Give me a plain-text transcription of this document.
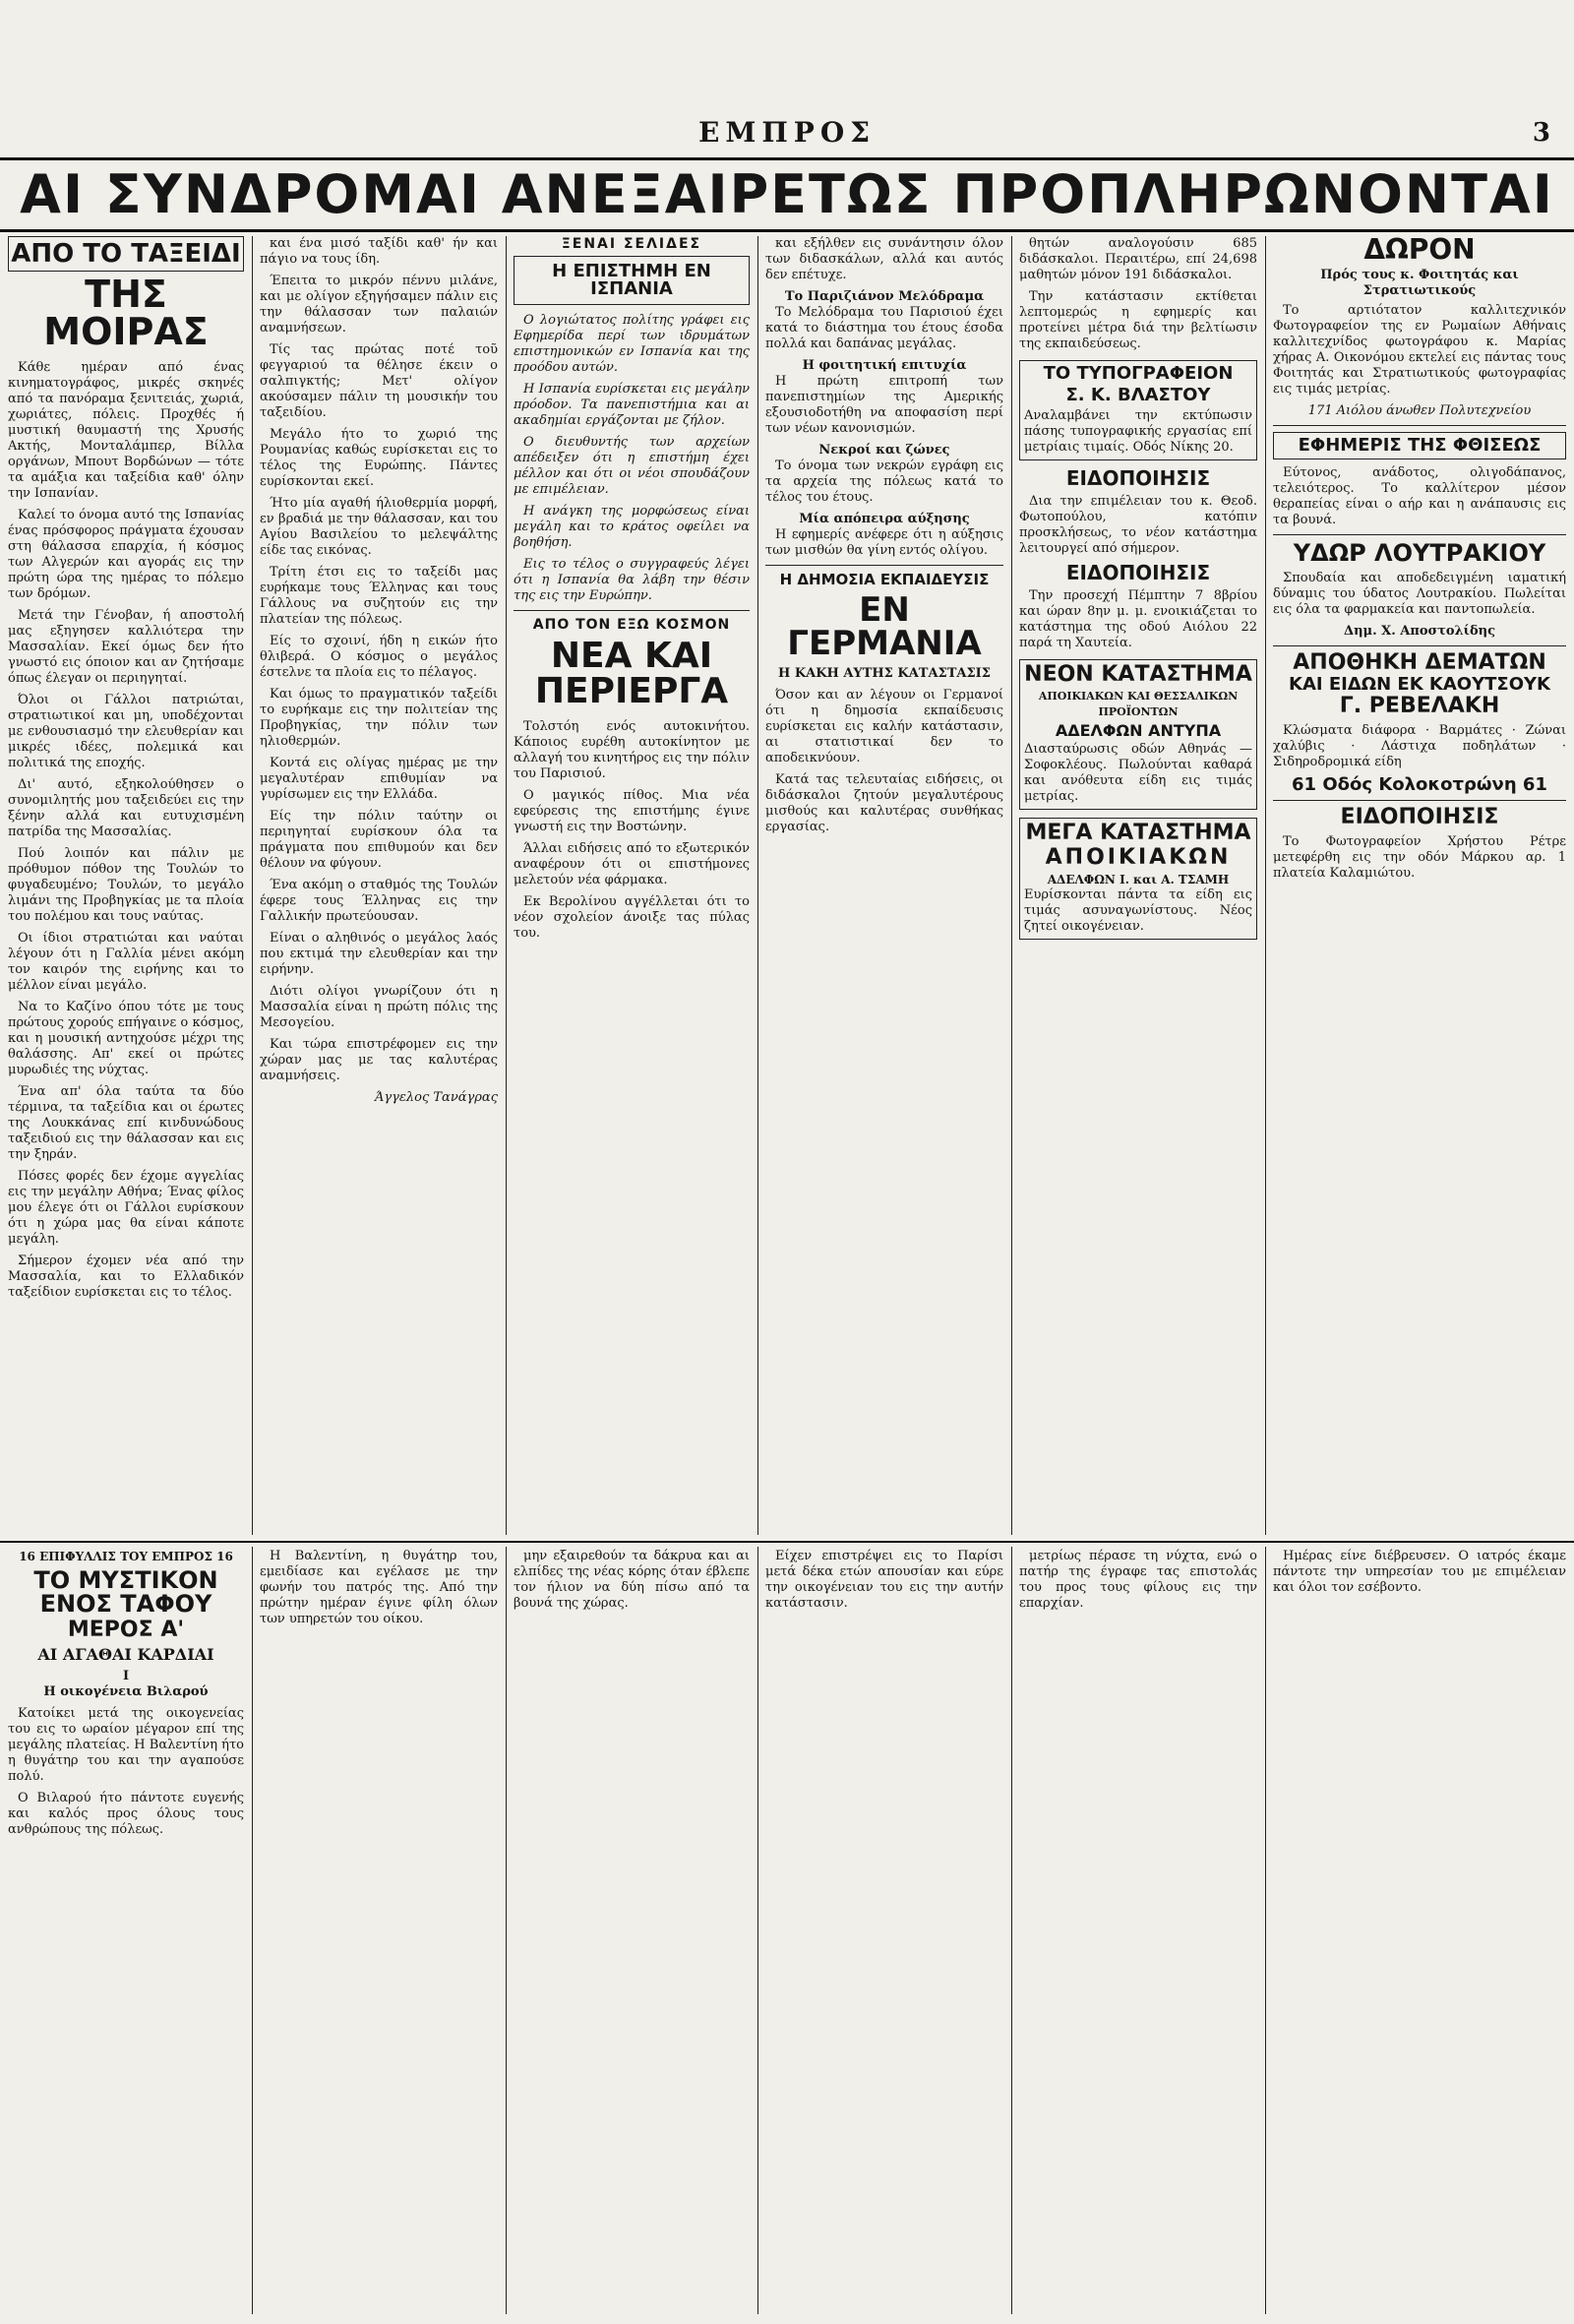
ΕΜΠΡΟΣ	3
ΑΙ ΣΥΝΔΡΟΜΑΙ ΑΝΕΞΑΙΡΕΤΩΣ ΠΡΟΠΛΗΡΩΝΟΝΤΑΙ
ΑΠΟ ΤΟ ΤΑΞΕΙΔΙ
ΤΗΣ ΜΟΙΡΑΣ

Κάθε ημέραν από ένας κινηματογράφος, μικρές σκηνές από τα πανόραμα ξενιτειάς, χωριά, χωριάτες, πόλεις. Προχθές ή μυστική θαυμαστή της Χρυσής Ακτής, Μονταλάμπερ, Βίλλα οργάνων, Μπουτ Βορδώνων — τότε τα αμάξια και ταξείδια καθ' όλην την Ισπανίαν.

Καλεί το όνομα αυτό της Ισπανίας ένας πρόσφορος πράγματα έχουσαν στη θάλασσα επαρχία, ή κόσμος των Αλγερών και αγοράς εις την πρώτη ώρα της ημέρας το πόλεμο των δρόμων.

Μετά την Γένοβαν, ή αποστολή μας εξηγησεν καλλιότερα την Μασσαλίαν. Εκεί όμως δεν ήτο γνωστό εις όποιον και αν ζητήσαμε όπως έλεγαν οι περιηγηταί.

Όλοι οι Γάλλοι πατριώται, στρατιωτικοί και μη, υποδέχονται με ενθουσιασμό την ελευθερίαν και μικρές ιδέες, πολεμικά και πολιτικά της εποχής.

Δι' αυτό, εξηκολούθησεν ο συνομιλητής μου ταξειδεύει εις την ξένην αλλά και ευτυχισμένη πατρίδα της Μασσαλίας.

Πού λοιπόν και πάλιν με πρόθυμον πόθον της Τουλών το φυγαδευμένο; Τουλών, το μεγάλο λιμάνι της Προβηγκίας με τα πλοία του πολέμου και τους ναύτας.

Οι ίδιοι στρατιώται και ναύται λέγουν ότι η Γαλλία μένει ακόμη τον καιρόν της ειρήνης και το μέλλον είναι μεγάλο.

Να το Καζίνο όπου τότε με τους πρώτους χορούς επήγαινε ο κόσμος, και η μουσική αντηχούσε μέχρι της θαλάσσης. Απ' εκεί οι πρώτες μυρωδιές της νύχτας.

Ένα απ' όλα ταύτα τα δύο τέρμινα, τα ταξείδια και οι έρωτες της Λουκκάνας επί κινδυνώδους ταξειδιού εις την θάλασσαν και εις την ξηράν.

Πόσες φορές δεν έχομε αγγελίας εις την μεγάλην Αθήνα; Ένας φίλος μου έλεγε ότι οι Γάλλοι ευρίσκουν ότι η χώρα μας θα είναι κάποτε μεγάλη.

Σήμερον έχομεν νέα από την Μασσαλία, και το Ελλαδικόν ταξείδιον ευρίσκεται εις το τέλος.

και ένα μισό ταξίδι καθ' ήν και πάγιο να τους ίδη.

Έπειτα το μικρόν πέννυ μιλάνε, και με ολίγον εξηγήσαμεν πάλιν εις την θάλασσαν των παλαιών αναμνήσεων.

Τίς τας πρώτας ποτέ τοῦ φεγγαριού τα θέλησε έκειν ο σαλπιγκτής; Μετ' ολίγον ακούσαμεν πάλιν τη μουσικήν του ταξειδίου.

Μεγάλο ήτο το χωριό της Ρουμανίας καθώς ευρίσκεται εις το τέλος της Ευρώπης. Πάντες ευρίσκονται εκεί.

Ήτο μία αγαθή ήλιοθερμία μορφή, εν βραδιά με την θάλασσαν, και του Αγίου Βασιλείου το μελεψάλτης είδε τας εικόνας.

Τρίτη έτσι εις το ταξείδι μας ευρήκαμε τους Έλληνας και τους Γάλλους να συζητούν εις την πλατείαν της πόλεως.

Είς το σχοινί, ήδη η εικών ήτο θλιβερά. Ο κόσμος ο μεγάλος έστελνε τα πλοία εις το πέλαγος.

Και όμως το πραγματικόν ταξείδι το ευρήκαμε εις την πολιτείαν της Προβηγκίας, την πόλιν των ηλιοθερμών.

Κοντά εις ολίγας ημέρας με την μεγαλυτέραν επιθυμίαν να γυρίσωμεν εις την Ελλάδα.

Είς την πόλιν ταύτην οι περιηγηταί ευρίσκουν όλα τα πράγματα που επιθυμούν και δεν θέλουν να φύγουν.

Ένα ακόμη ο σταθμός της Τουλών έφερε τους Έλληνας εις την Γαλλικήν πρωτεύουσαν.

Είναι ο αληθινός ο μεγάλος λαός που εκτιμά την ελευθερίαν και την ειρήνην.

Διότι ολίγοι γνωρίζουν ότι η Μασσαλία είναι η πρώτη πόλις της Μεσογείου.

Και τώρα επιστρέφομεν εις την χώραν μας με τας καλυτέρας αναμνήσεις.

Άγγελος Τανάγρας
ΞΕΝΑΙ ΣΕΛΙΔΕΣ
Η ΕΠΙΣΤΗΜΗ ΕΝ ΙΣΠΑΝΙΑ

Ο λογιώτατος πολίτης γράφει εις Εφημερίδα περί των ιδρυμάτων επιστημονικών εν Ισπανία και της προόδου αυτών.

Η Ισπανία ευρίσκεται εις μεγάλην πρόοδον. Τα πανεπιστήμια και αι ακαδημίαι εργάζονται με ζήλον.

Ο διευθυντής των αρχείων απέδειξεν ότι η επιστήμη έχει μέλλον και ότι οι νέοι σπουδάζουν με επιμέλειαν.

Η ανάγκη της μορφώσεως είναι μεγάλη και το κράτος οφείλει να βοηθήση.

Εις το τέλος ο συγγραφεύς λέγει ότι η Ισπανία θα λάβη την θέσιν της εις την Ευρώπην.

ΑΠΟ ΤΟΝ ΕΞΩ ΚΟΣΜΟΝ
ΝΕΑ ΚΑΙ ΠΕΡΙΕΡΓΑ

Τολστόη ενός αυτοκινήτου. Κάποιος ευρέθη αυτοκίνητον με αλλαγή του κινητήρος εις την πόλιν του Παρισιού.

Ο μαγικός πίθος. Μια νέα εφεύρεσις της επιστήμης έγινε γνωστή εις την Βοστώνην.

Άλλαι ειδήσεις από το εξωτερικόν αναφέρουν ότι οι επιστήμονες μελετούν νέα φάρμακα.

Εκ Βερολίνου αγγέλλεται ότι το νέον σχολείον άνοιξε τας πύλας του.

και εξήλθεν εις συνάντησιν όλον των διδασκάλων, αλλά και αυτός δεν επέτυχε.

Το Παριζιάνον Μελόδραμα

Το Μελόδραμα του Παρισιού έχει κατά το διάστημα του έτους έσοδα πολλά και δαπάνας μεγάλας.

Η φοιτητική επιτυχία

Η πρώτη επιτροπή των πανεπιστημίων της Αμερικής εξουσιοδοτήθη να αποφασίση περί των νέων κανονισμών.

Νεκροί και ζώνες

Το όνομα των νεκρών εγράφη εις τα αρχεία της πόλεως κατά το τέλος του έτους.

Μία απόπειρα αύξησης

Η εφημερίς ανέφερε ότι η αύξησις των μισθών θα γίνη εντός ολίγου.

Η ΔΗΜΟΣΙΑ ΕΚΠΑΙΔΕΥΣΙΣ
ΕΝ ΓΕΡΜΑΝΙΑ
Η ΚΑΚΗ ΑΥΤΗΣ ΚΑΤΑΣΤΑΣΙΣ

Όσον και αν λέγουν οι Γερμανοί ότι η δημοσία εκπαίδευσις ευρίσκεται εις καλήν κατάστασιν, αι στατιστικαί δεν το αποδεικνύουν.

Κατά τας τελευταίας ειδήσεις, οι διδάσκαλοι ζητούν μεγαλυτέρους μισθούς και καλυτέρας συνθήκας εργασίας.

θητών αναλογούσιν 685 διδάσκαλοι. Περαιτέρω, επί 24,698 μαθητών μόνον 191 διδάσκαλοι.

Την κατάστασιν εκτίθεται λεπτομερώς η εφημερίς και προτείνει μέτρα διά την βελτίωσιν της εκπαιδεύσεως.

ΤΟ ΤΥΠΟΓΡΑΦΕΙΟΝ
Σ. Κ. ΒΛΑΣΤΟΥ
Αναλαμβάνει την εκτύπωσιν πάσης τυπογραφικής εργασίας επί μετρίαις τιμαίς. Οδός Νίκης 20.
ΕΙΔΟΠΟΙΗΣΙΣ

Δια την επιμέλειαν του κ. Θεοδ. Φωτοπούλου, κατόπιν προσκλήσεως, το νέον κατάστημα λειτουργεί από σήμερον.

ΕΙΔΟΠΟΙΗΣΙΣ

Την προσεχή Πέμπτην 7 8βρίου και ώραν 8ην μ. μ. ενοικιάζεται το κατάστημα της οδού Αιόλου 22 παρά τη Χαυτεία.

ΝΕΟΝ ΚΑΤΑΣΤΗΜΑ
ΑΠΟΙΚΙΑΚΩΝ ΚΑΙ ΘΕΣΣΑΛΙΚΩΝ ΠΡΟΪΟΝΤΩΝ
ΑΔΕΛΦΩΝ ΑΝΤΥΠΑ
Διασταύρωσις οδών Αθηνάς — Σοφοκλέους. Πωλούνται καθαρά και ανόθευτα είδη εις τιμάς μετρίας.
ΜΕΓΑ ΚΑΤΑΣΤΗΜΑ
ΑΠΟΙΚΙΑΚΩΝ
ΑΔΕΛΦΩΝ Ι. και Α. ΤΣΑΜΗ
Ευρίσκονται πάντα τα είδη εις τιμάς ασυναγωνίστους. Νέος ζητεί οικογένειαν.
ΔΩΡΟΝ
Πρός τους κ. Φοιτητάς και Στρατιωτικούς

Το αρτιότατον καλλιτεχνικόν Φωτογραφείον της εν Ρωμαίων Αθήναις καλλιτεχνίδος φωτογράφου κ. Μαρίας χήρας Α. Οικονόμου εκτελεί εις πάντας τους Φοιτητάς και Στρατιωτικούς φωτογραφίας εις τιμάς μετρίας.

171 Αιόλου άνωθεν Πολυτεχνείου
ΕΦΗΜΕΡΙΣ ΤΗΣ ΦΘΙΣΕΩΣ

Εύτονος, ανάδοτος, ολιγοδάπανος, τελειότερος. Το καλλίτερον μέσον θεραπείας είναι ο αήρ και η ανάπαυσις εις τα βουνά.

ΥΔΩΡ ΛΟΥΤΡΑΚΙΟΥ

Σπουδαία και αποδεδειγμένη ιαματική δύναμις του ύδατος Λουτρακίου. Πωλείται εις όλα τα φαρμακεία και παντοπωλεία.

Δημ. Χ. Αποστολίδης
ΑΠΟΘΗΚΗ ΔΕΜΑΤΩΝ
ΚΑΙ ΕΙΔΩΝ ΕΚ ΚΑΟΥΤΣΟΥΚ
Γ. ΡΕΒΕΛΑΚΗ

Κλώσματα διάφορα · Βαρμάτες · Ζώναι χαλύβις · Λάστιχα ποδηλάτων · Σιδηροδρομικά είδη

61 Οδός Κολοκοτρώνη 61
ΕΙΔΟΠΟΙΗΣΙΣ

Το Φωτογραφείον Χρήστου Ρέτρε μετεφέρθη εις την οδόν Μάρκου αρ. 1 πλατεία Καλαμιώτου.

16 ΕΠΙΦΥΛΛΙΣ ΤΟΥ ΕΜΠΡΟΣ 16
ΤΟ ΜΥΣΤΙΚΟΝ ΕΝΟΣ ΤΑΦΟΥ
ΜΕΡΟΣ Α'
ΑΙ ΑΓΑΘΑΙ ΚΑΡΔΙΑΙ
I
Η οικογένεια Βιλαρού

Κατοίκει μετά της οικογενείας του εις το ωραίον μέγαρον επί της μεγάλης πλατείας. Η Βαλεντίνη ήτο η θυγάτηρ του και την αγαπούσε πολύ.

Ο Βιλαρού ήτο πάντοτε ευγενής και καλός προς όλους τους ανθρώπους της πόλεως.

Η Βαλεντίνη, η θυγάτηρ του, εμειδίασε και εγέλασε με την φωνήν του πατρός της. Από την πρώτην ημέραν έγινε φίλη όλων των υπηρετών του οίκου.

μην εξαιρεθούν τα δάκρυα και αι ελπίδες της νέας κόρης όταν έβλεπε τον ήλιον να δύη πίσω από τα βουνά της χώρας.

Είχεν επιστρέψει εις το Παρίσι μετά δέκα ετών απουσίαν και εύρε την οικογένειαν του εις την αυτήν κατάστασιν.

μετρίως πέρασε τη νύχτα, ενώ ο πατήρ της έγραφε τας επιστολάς του προς τους φίλους εις την επαρχίαν.

Ημέρας είνε διέβρευσεν. Ο ιατρός έκαμε πάντοτε την υπηρεσίαν του με επιμέλειαν και όλοι τον εσέβοντο.
